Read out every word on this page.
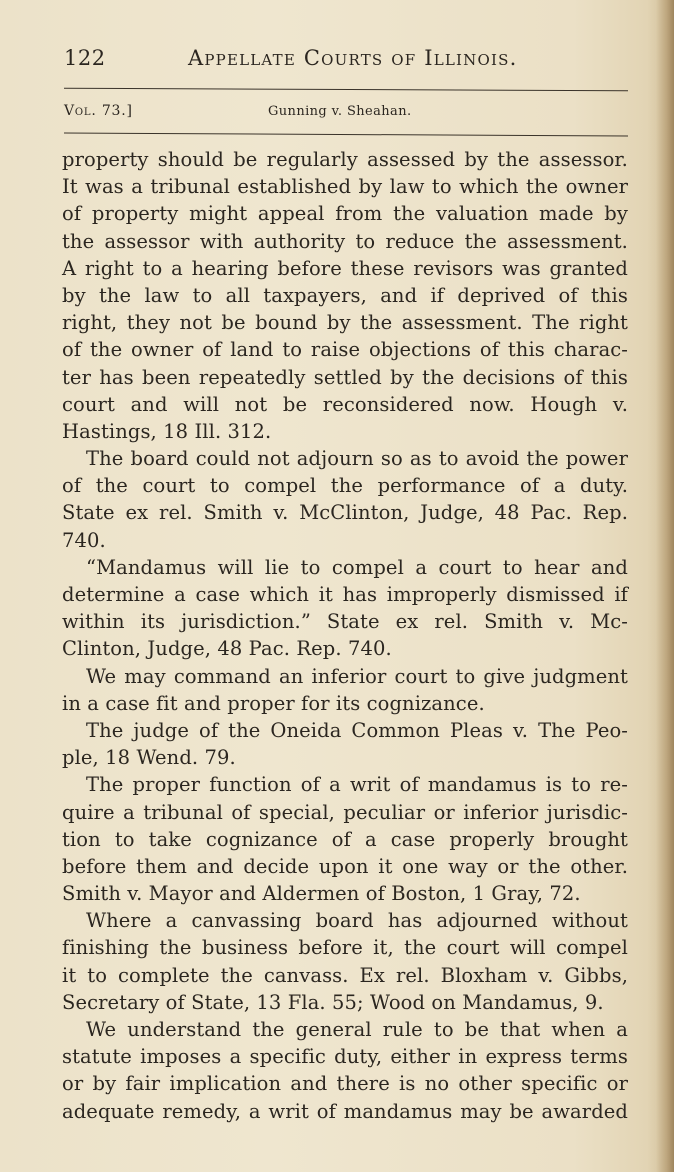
122	Appellate Courts of Illinois.
Vol. 73.]	Gunning v. Sheahan.
property should be regularly assessed by the assessor.
It was a tribunal established by law to which the owner
of property might appeal from the valuation made by
the assessor with authority to reduce the assessment.
A right to a hearing before these revisors was granted
by the law to all taxpayers, and if deprived of this
right, they not be bound by the assessment. The right
of the owner of land to raise objections of this charac-
ter has been repeatedly settled by the decisions of this
court and will not be reconsidered now. Hough v.
Hastings, 18 Ill. 312.
The board could not adjourn so as to avoid the power
of the court to compel the performance of a duty.
State ex rel. Smith v. McClinton, Judge, 48 Pac. Rep.
740.
“Mandamus will lie to compel a court to hear and
determine a case which it has improperly dismissed if
within its jurisdiction.” State ex rel. Smith v. Mc-
Clinton, Judge, 48 Pac. Rep. 740.
We may command an inferior court to give judgment
in a case fit and proper for its cognizance.
The judge of the Oneida Common Pleas v. The Peo-
ple, 18 Wend. 79.
The proper function of a writ of mandamus is to re-
quire a tribunal of special, peculiar or inferior jurisdic-
tion to take cognizance of a case properly brought
before them and decide upon it one way or the other.
Smith v. Mayor and Aldermen of Boston, 1 Gray, 72.
Where a canvassing board has adjourned without
finishing the business before it, the court will compel
it to complete the canvass. Ex rel. Bloxham v. Gibbs,
Secretary of State, 13 Fla. 55; Wood on Mandamus, 9.
We understand the general rule to be that when a
statute imposes a specific duty, either in express terms
or by fair implication and there is no other specific or
adequate remedy, a writ of mandamus may be awarded
